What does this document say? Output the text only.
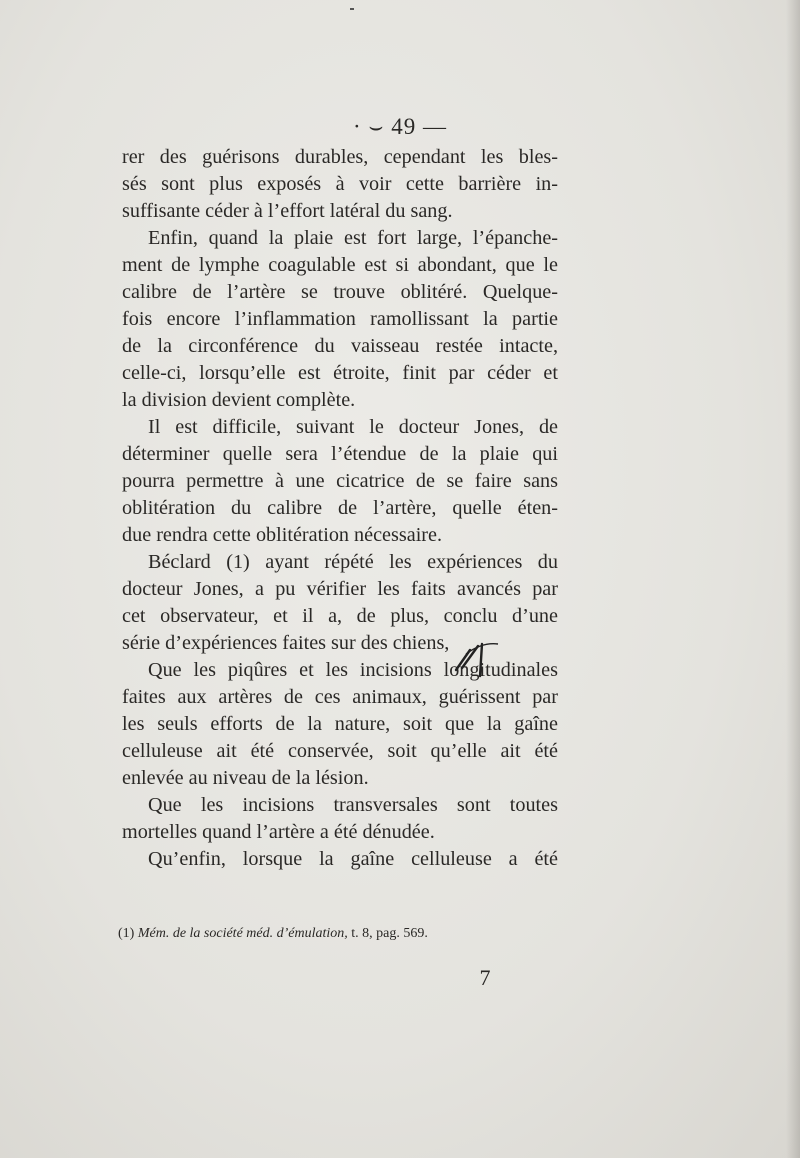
· ⌣ 49 —
rer des guérisons durables, cependant les bles-
sés sont plus exposés à voir cette barrière in-
suffisante céder à l’effort latéral du sang.
Enfin, quand la plaie est fort large, l’épanche-
ment de lymphe coagulable est si abondant, que le
calibre de l’artère se trouve oblitéré. Quelque-
fois encore l’inflammation ramollissant la partie
de la circonférence du vaisseau restée intacte,
celle-ci, lorsqu’elle est étroite, finit par céder et
la division devient complète.
Il est difficile, suivant le docteur Jones, de
déterminer quelle sera l’étendue de la plaie qui
pourra permettre à une cicatrice de se faire sans
oblitération du calibre de l’artère, quelle éten-
due rendra cette oblitération nécessaire.
Béclard (1) ayant répété les expériences du
docteur Jones, a pu vérifier les faits avancés par
cet observateur, et il a, de plus, conclu d’une
série d’expériences faites sur des chiens,
Que les piqûres et les incisions longitudinales
faites aux artères de ces animaux, guérissent par
les seuls efforts de la nature, soit que la gaîne
celluleuse ait été conservée, soit qu’elle ait été
enlevée au niveau de la lésion.
Que les incisions transversales sont toutes
mortelles quand l’artère a été dénudée.
Qu’enfin, lorsque la gaîne celluleuse a été
(1) Mém. de la société méd. d’émulation, t. 8, pag. 569.
7
